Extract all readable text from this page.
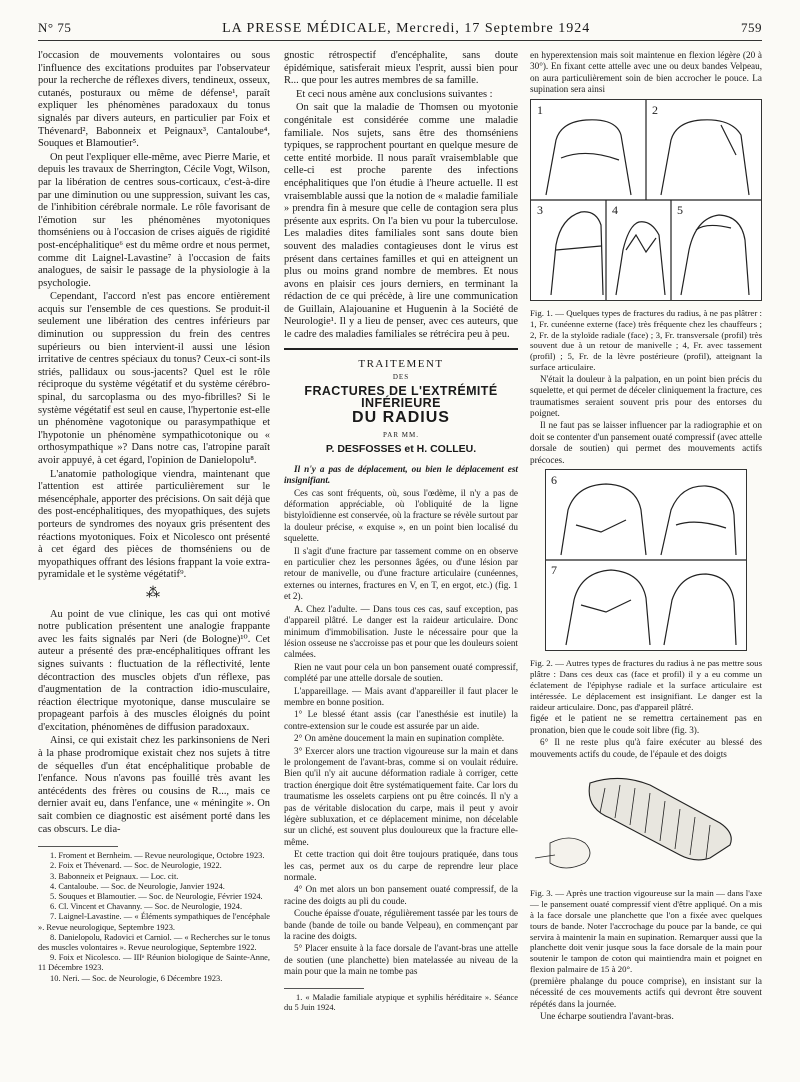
N° 75	LA PRESSE MÉDICALE, Mercredi, 17 Septembre 1924	759

l'occasion de mouvements volontaires ou sous l'influence des excitations produites par l'observateur pour la recherche de réflexes divers, tendineux, osseux, cutanés, posturaux ou même de défense¹, paraît expliquer les phénomènes paradoxaux du tonus signalés par divers auteurs, en particulier par Foix et Thévenard², Babonneix et Peignaux³, Cantaloube⁴, Souques et Blamoutier⁵.

On peut l'expliquer elle-même, avec Pierre Marie, et depuis les travaux de Sherrington, Cécile Vogt, Wilson, par la libération de centres sous-corticaux, c'est-à-dire par une diminution ou une suppression, suivant les cas, de l'inhibition cérébrale normale. Le rôle favorisant de l'émotion sur les phénomènes myotoniques thomséniens ou à l'occasion de crises aiguës de rigidité post-encéphalitique⁶ est du même ordre et nous permet, comme dit Laignel-Lavastine⁷ à l'occasion de faits analogues, de saisir le passage de la physiologie à la psychologie.

Cependant, l'accord n'est pas encore entièrement acquis sur l'ensemble de ces questions. Se produit-il seulement une libération des centres inférieurs par diminution ou suppression du frein des centres supérieurs ou bien intervient-il aussi une lésion irritative de centres spéciaux du tonus? Ceux-ci sont-ils striés, pallidaux ou sous-jacents? Quel est le rôle réciproque du système végétatif et du système cérébro-spinal, du sarcoplasma ou des myo-fibrilles? Si le système végétatif est seul en cause, l'hypertonie est-elle un phénomène vagotonique ou parasympathique et l'hypotonie un phénomène sympathicotonique ou « orthosympathique »? Dans notre cas, l'atropine paraît avoir appuyé, à cet égard, l'opinion de Danielopolu⁸.

L'anatomie pathologique viendra, maintenant que l'attention est attirée particulièrement sur le mésencéphale, apporter des précisions. On sait déjà que des post-encéphalitiques, des myopathiques, des sujets porteurs de syndromes des noyaux gris présentent des réactions myotoniques. Foix et Nicolesco ont présenté à cet égard des pièces de thomséniens ou de myopathiques offrant des lésions frappant la voie extra-pyramidale et le système végétatif⁹.

⁂

Au point de vue clinique, les cas qui ont motivé notre publication présentent une analogie frappante avec les faits signalés par Neri (de Bologne)¹⁰. Cet auteur a présenté des præ-encéphalitiques offrant les signes suivants : fluctuation de la réflectivité, lente décontraction des muscles objets d'un réflexe, pas d'augmentation de la contraction idio-musculaire, réaction électrique myotonique, danse musculaire se propageant parfois à des muscles éloignés du point d'excitation, phénomènes de diffusion paradoxaux.

Ainsi, ce qui existait chez les parkinsoniens de Neri à la phase prodromique existait chez nos sujets à titre de séquelles d'un état encéphalitique probable de l'enfance. Nous n'avons pas fouillé très avant les antécédents des frères ou cousins de R..., mais ce dernier avait eu, dans l'enfance, une « méningite ». On sait combien ce diagnostic est aisément porté dans les cas obscurs. Le dia-

1. Froment et Bernheim. — Revue neurologique, Octobre 1923.
2. Foix et Thévenard. — Soc. de Neurologie, 1922.
3. Babonneix et Peignaux. — Loc. cit.
4. Cantaloube. — Soc. de Neurologie, Janvier 1924.
5. Souques et Blamoutier. — Soc. de Neurologie, Février 1924.
6. Cl. Vincent et Chavanny. — Soc. de Neurologie, 1924.
7. Laignel-Lavastine. — « Éléments sympathiques de l'encéphale ». Revue neurologique, Septembre 1923.
8. Danielopolu, Radovici et Carniol. — « Recherches sur le tonus des muscles volontaires ». Revue neurologique, Septembre 1922.
9. Foix et Nicolesco. — IIIᵉ Réunion biologique de Sainte-Anne, 11 Décembre 1923.
10. Neri. — Soc. de Neurologie, 6 Décembre 1923.

gnostic rétrospectif d'encéphalite, sans doute épidémique, satisferait mieux l'esprit, aussi bien pour R... que pour les autres membres de sa famille.

Et ceci nous amène aux conclusions suivantes :

On sait que la maladie de Thomsen ou myotonie congénitale est considérée comme une maladie familiale. Nos sujets, sans être des thomséniens typiques, se rapprochent pourtant en quelque mesure de cette entité morbide. Il nous paraît vraisemblable que celle-ci est proche parente des infections encéphalitiques que l'on étudie à l'heure actuelle. Il est vraisemblable aussi que la notion de « maladie familiale » prendra fin à mesure que celle de contagion sera plus présente aux esprits. On l'a bien vu pour la tuberculose. Les maladies dites familiales sont sans doute bien souvent des maladies contagieuses dont le virus est présent dans certaines familles et qui en atteignent un plus ou moins grand nombre de membres. Et nous avons en plaisir ces jours derniers, en terminant la rédaction de ce qui précède, à lire une communication de Guillain, Alajouanine et Huguenin à la Société de Neurologie¹. Il y a lieu de penser, avec ces auteurs, que le cadre des maladies familiales se rétrécira peu à peu.

TRAITEMENT
DES
FRACTURES DE L'EXTRÉMITÉ INFÉRIEURE
DU RADIUS
PAR MM.
P. DESFOSSES et H. COLLEU.

Il n'y a pas de déplacement, ou bien le déplacement est insignifiant.

Ces cas sont fréquents, où, sous l'œdème, il n'y a pas de déformation appréciable, où l'obliquité de la ligne bistyloïdienne est conservée, où la fracture se révèle surtout par la douleur précise, « exquise », en un point bien localisé du squelette.

Il s'agit d'une fracture par tassement comme on en observe en particulier chez les personnes âgées, ou d'une lésion par retour de manivelle, ou d'une fracture articulaire (cunéennes, externes ou internes, fractures en V, en T, en ergot, etc.) (fig. 1 et 2).

A. Chez l'adulte. — Dans tous ces cas, sauf exception, pas d'appareil plâtré. Le danger est la raideur articulaire. Donc minimum d'immobilisation. Juste le nécessaire pour que la lésion osseuse ne s'accroisse pas et pour que les douleurs soient calmées.

Rien ne vaut pour cela un bon pansement ouaté compressif, complété par une attelle dorsale de soutien.

L'appareillage. — Mais avant d'appareiller il faut placer le membre en bonne position.

1° Le blessé étant assis (car l'anesthésie est inutile) la contre-extension sur le coude est assurée par un aide.

2° On amène doucement la main en supination complète.

3° Exercer alors une traction vigoureuse sur la main et dans le prolongement de l'avant-bras, comme si on voulait réduire. Bien qu'il n'y ait aucune déformation radiale à corriger, cette traction énergique doit être systématiquement faite. Car lors du traumatisme les osselets carpiens ont pu être coincés. Il n'y a pas de véritable dislocation du carpe, mais il peut y avoir légère subluxation, et ce déplacement minime, non décelable sur un cliché, est souvent plus douloureux que la fracture elle-même.

Et cette traction qui doit être toujours pratiquée, dans tous les cas, permet aux os du carpe de reprendre leur place normale.

4° On met alors un bon pansement ouaté compressif, de la racine des doigts au pli du coude.

Couche épaisse d'ouate, régulièrement tassée par les tours de bande (bande de toile ou bande Velpeau), en commençant par la racine des doigts.

5° Placer ensuite à la face dorsale de l'avant-bras une attelle de soutien (une planchette) bien matelassée au niveau de la main pour que la main ne tombe pas

1. « Maladie familiale atypique et syphilis héréditaire ». Séance du 5 Juin 1924.

en hyperextension mais soit maintenue en flexion légère (20 à 30°). En fixant cette attelle avec une ou deux bandes Velpeau, on aura particulièrement soin de bien accrocher le pouce. La supination sera ainsi

1	2
3	4	5

Fig. 1. — Quelques types de fractures du radius, à ne pas plâtrer : 1, Fr. cunéenne externe (face) très fréquente chez les chauffeurs ; 2, Fr. de la styloïde radiale (face) ; 3, Fr. transversale (profil) très souvent due à un retour de manivelle ; 4, Fr. avec tassement (profil) ; 5, Fr. de la lèvre postérieure (profil), atteignant la surface articulaire.

N'était la douleur à la palpation, en un point bien précis du squelette, et qui permet de déceler cliniquement la fracture, ces traumatismes seraient souvent pris pour des entorses du poignet.

Il ne faut pas se laisser influencer par la radiographie et on doit se contenter d'un pansement ouaté compressif (avec attelle dorsale de soutien) qui permet des mouvements actifs précoces.

6
7

Fig. 2. — Autres types de fractures du radius à ne pas mettre sous plâtre : Dans ces deux cas (face et profil) il y a eu comme un éclatement de l'épiphyse radiale et la surface articulaire est intéressée. Le déplacement est insignifiant. Le danger est la raideur articulaire. Donc, pas d'appareil plâtré.

figée et le patient ne se remettra certainement pas en pronation, bien que le coude soit libre (fig. 3).

6° Il ne reste plus qu'à faire exécuter au blessé des mouvements actifs du coude, de l'épaule et des doigts

Fig. 3. — Après une traction vigoureuse sur la main — dans l'axe — le pansement ouaté compressif vient d'être appliqué. On a mis à la face dorsale une planchette que l'on a fixée avec quelques tours de bande. Noter l'accrochage du pouce par la bande, ce qui servira à maintenir la main en supination. Remarquer aussi que la planchette doit venir jusque sous la face dorsale de la main pour soutenir le tampon de coton qui maintiendra main et poignet en flexion palmaire de 15 à 20°.

(première phalange du pouce comprise), en insistant sur la nécessité de ces mouvements actifs qui devront être souvent répétés dans la journée.

Une écharpe soutiendra l'avant-bras.
